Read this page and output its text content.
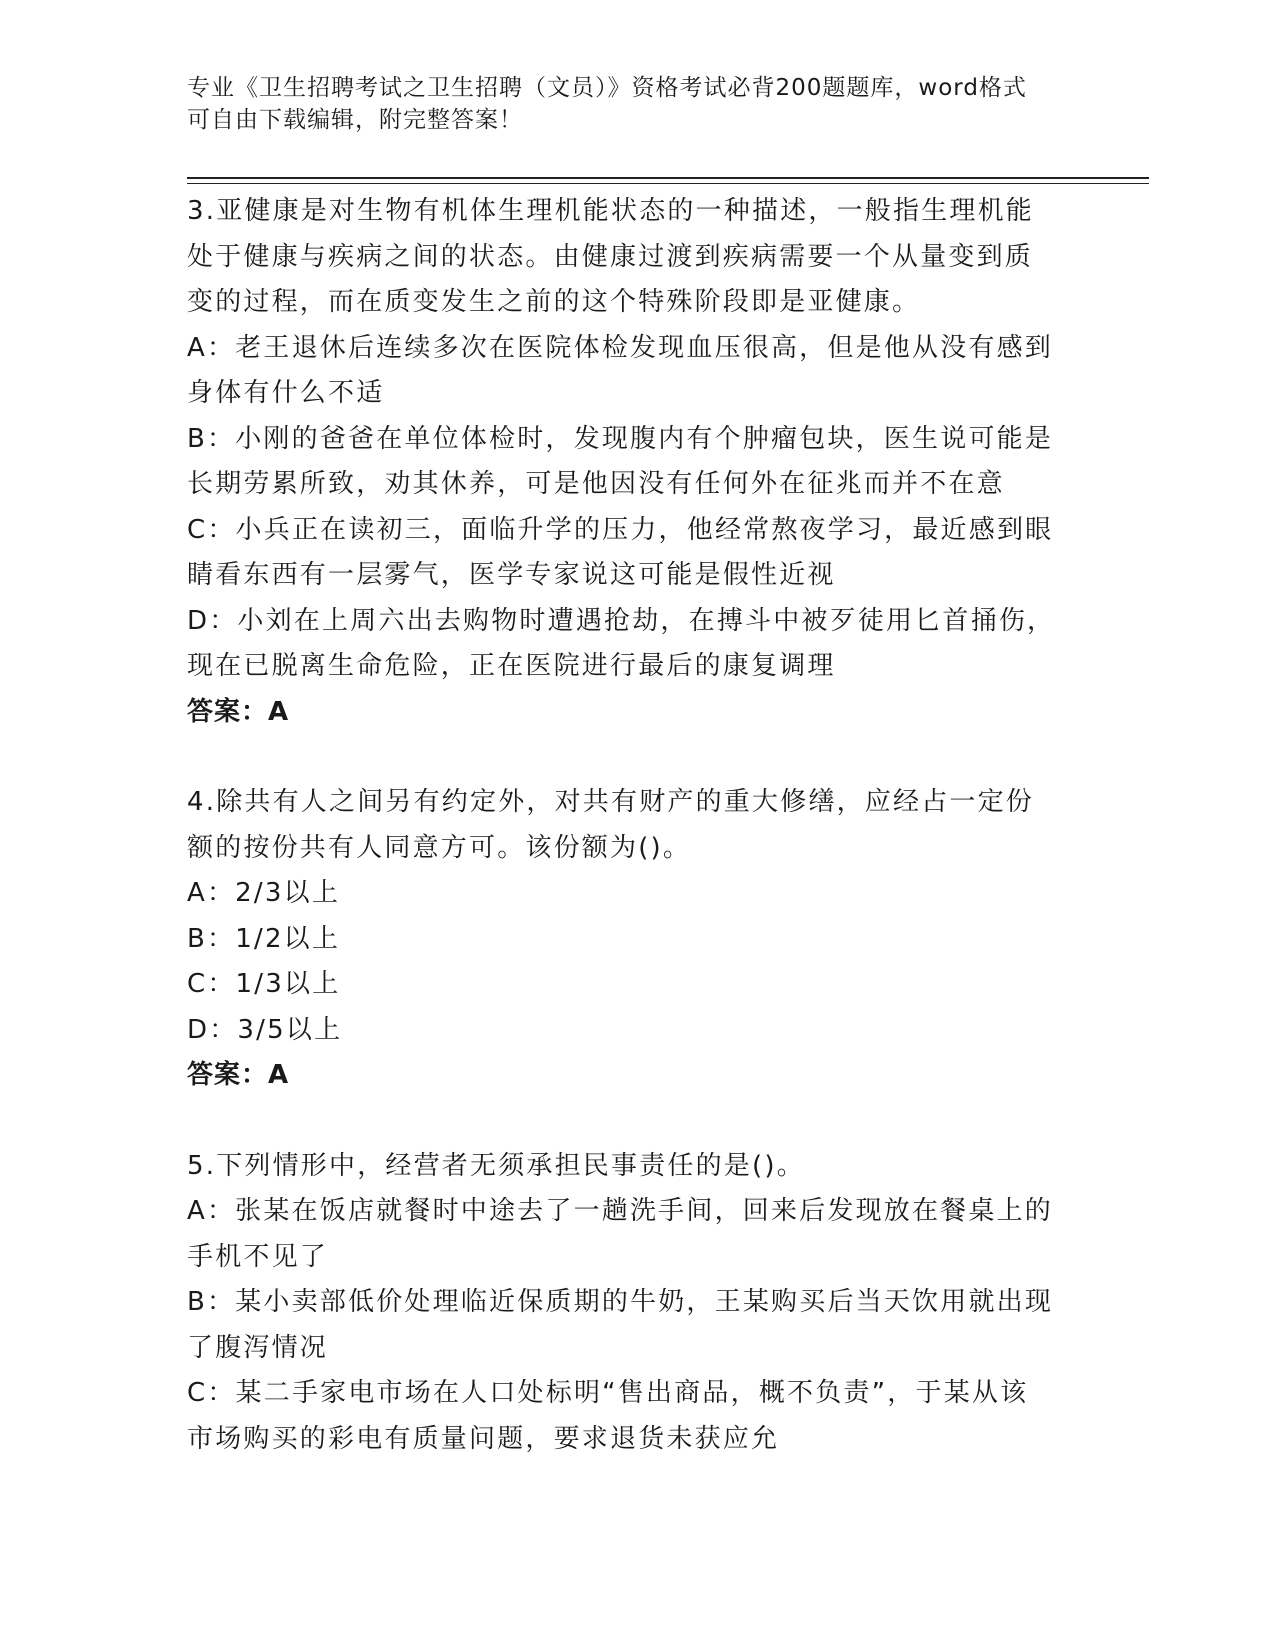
专业《卫生招聘考试之卫生招聘（文员）》资格考试必背200题题库，word格式
可自由下载编辑，附完整答案！
3.亚健康是对生物有机体生理机能状态的一种描述，一般指生理机能
处于健康与疾病之间的状态。由健康过渡到疾病需要一个从量变到质
变的过程，而在质变发生之前的这个特殊阶段即是亚健康。
A：老王退休后连续多次在医院体检发现血压很高，但是他从没有感到
身体有什么不适
B：小刚的爸爸在单位体检时，发现腹内有个肿瘤包块，医生说可能是
长期劳累所致，劝其休养，可是他因没有任何外在征兆而并不在意
C：小兵正在读初三，面临升学的压力，他经常熬夜学习，最近感到眼
睛看东西有一层雾气，医学专家说这可能是假性近视
D：小刘在上周六出去购物时遭遇抢劫，在搏斗中被歹徒用匕首捅伤，
现在已脱离生命危险，正在医院进行最后的康复调理
答案：A
4.除共有人之间另有约定外，对共有财产的重大修缮，应经占一定份
额的按份共有人同意方可。该份额为()。
A：2/3以上
B：1/2以上
C：1/3以上
D：3/5以上
答案：A
5.下列情形中，经营者无须承担民事责任的是()。
A：张某在饭店就餐时中途去了一趟洗手间，回来后发现放在餐桌上的
手机不见了
B：某小卖部低价处理临近保质期的牛奶，王某购买后当天饮用就出现
了腹泻情况
C：某二手家电市场在人口处标明“售出商品，概不负责”，于某从该
市场购买的彩电有质量问题，要求退货未获应允
